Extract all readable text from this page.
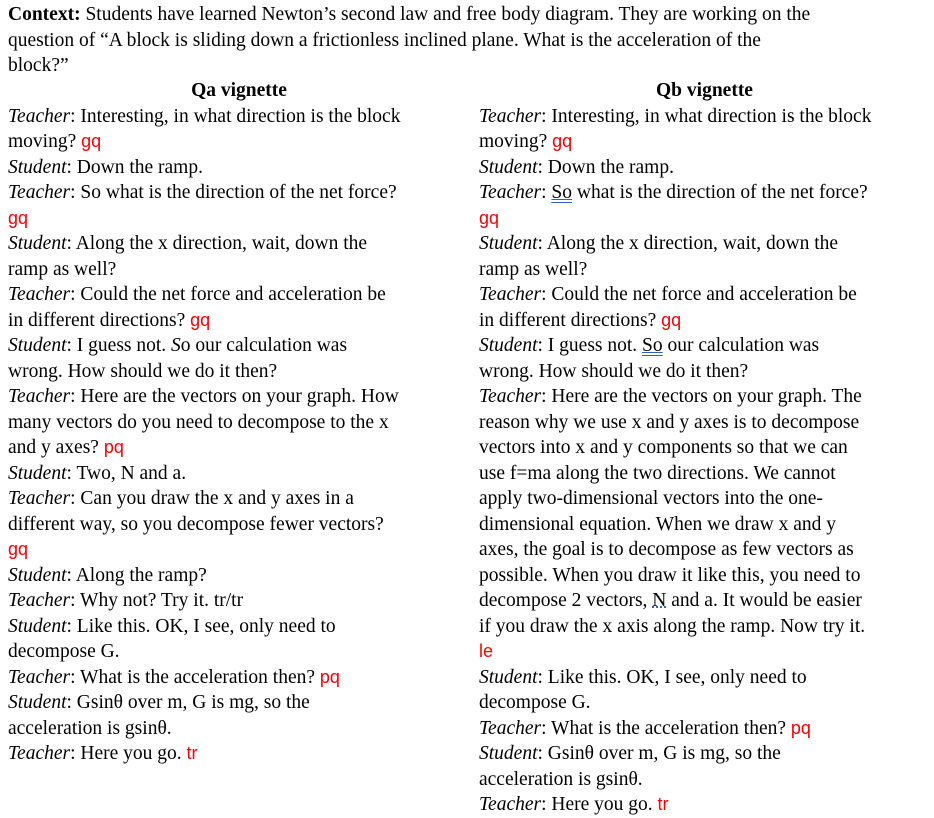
Context: Students have learned Newton’s second law and free body diagram. They are working on the
question of “A block is sliding down a frictionless inclined plane. What is the acceleration of the
block?”

Qa vignette
Teacher: Interesting, in what direction is the block
moving? gq
Student: Down the ramp.
Teacher: So what is the direction of the net force?
gq
Student: Along the x direction, wait, down the
ramp as well?
Teacher: Could the net force and acceleration be
in different directions? gq
Student: I guess not. So our calculation was
wrong. How should we do it then?
Teacher: Here are the vectors on your graph. How
many vectors do you need to decompose to the x
and y axes? pq
Student: Two, N and a.
Teacher: Can you draw the x and y axes in a
different way, so you decompose fewer vectors?
gq
Student: Along the ramp?
Teacher: Why not? Try it. tr/tr
Student: Like this. OK, I see, only need to
decompose G.
Teacher: What is the acceleration then? pq
Student: Gsinθ over m, G is mg, so the
acceleration is gsinθ.
Teacher: Here you go. tr
Qb vignette
Teacher: Interesting, in what direction is the block
moving? gq
Student: Down the ramp.
Teacher: So what is the direction of the net force?
gq
Student: Along the x direction, wait, down the
ramp as well?
Teacher: Could the net force and acceleration be
in different directions? gq
Student: I guess not. So our calculation was
wrong. How should we do it then?
Teacher: Here are the vectors on your graph. The
reason why we use x and y axes is to decompose
vectors into x and y components so that we can
use f=ma along the two directions. We cannot
apply two-dimensional vectors into the one-
dimensional equation. When we draw x and y
axes, the goal is to decompose as few vectors as
possible. When you draw it like this, you need to
decompose 2 vectors, N and a. It would be easier
if you draw the x axis along the ramp. Now try it.
le
Student: Like this. OK, I see, only need to
decompose G.
Teacher: What is the acceleration then? pq
Student: Gsinθ over m, G is mg, so the
acceleration is gsinθ.
Teacher: Here you go. tr
